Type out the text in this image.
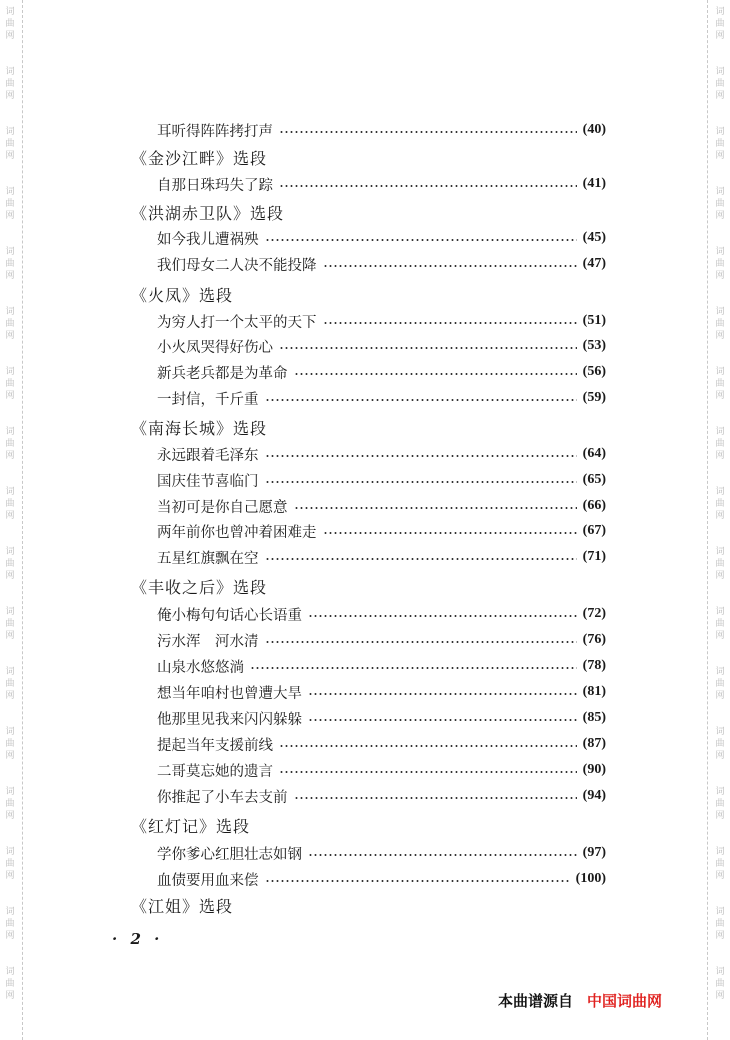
词
曲
网
词
曲
网
词
曲
网
词
曲
网
词
曲
网
词
曲
网
词
曲
网
词
曲
网
词
曲
网
词
曲
网
词
曲
网
词
曲
网
词
曲
网
词
曲
网
词
曲
网
词
曲
网
词
曲
网
词
曲
网
词
曲
网
词
曲
网
词
曲
网
词
曲
网
词
曲
网
词
曲
网
词
曲
网
词
曲
网
词
曲
网
词
曲
网
词
曲
网
词
曲
网
词
曲
网
词
曲
网
词
曲
网
词
曲
网
耳听得阵阵拷打声	(40)
《金沙江畔》选段
自那日珠玛失了踪	(41)
《洪湖赤卫队》选段
如今我儿遭祸殃	(45)
我们母女二人决不能投降	(47)
《火凤》选段
为穷人打一个太平的天下	(51)
小火凤哭得好伤心	(53)
新兵老兵都是为革命	(56)
一封信，千斤重	(59)
《南海长城》选段
永远跟着毛泽东	(64)
国庆佳节喜临门	(65)
当初可是你自己愿意	(66)
两年前你也曾冲着困难走	(67)
五星红旗飘在空	(71)
《丰收之后》选段
俺小梅句句话心长语重	(72)
污水浑　河水清	(76)
山泉水悠悠淌	(78)
想当年咱村也曾遭大旱	(81)
他那里见我来闪闪躲躲	(85)
提起当年支援前线	(87)
二哥莫忘她的遗言	(90)
你推起了小车去支前	(94)
《红灯记》选段
学你爹心红胆壮志如钢	(97)
血债要用血来偿	(100)
《江姐》选段
· 2 ·
本曲谱源自 中国词曲网
